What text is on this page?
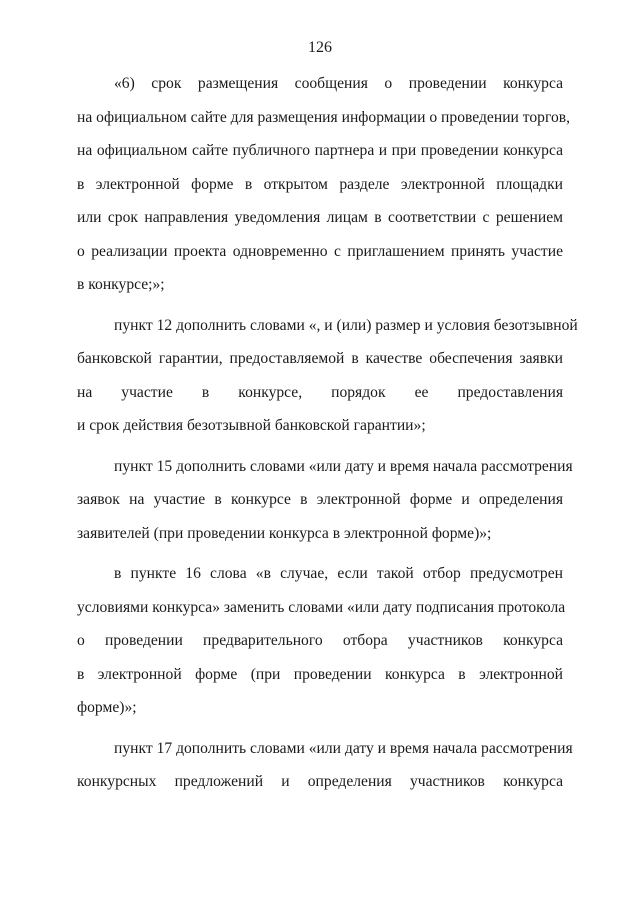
126
«6) срок размещения сообщения о проведении конкурса
на официальном сайте для размещения информации о проведении торгов,
на официальном сайте публичного партнера и при проведении конкурса
в электронной форме в открытом разделе электронной площадки
или срок направления уведомления лицам в соответствии с решением
о реализации проекта одновременно с приглашением принять участие
в конкурсе;»;
пункт 12 дополнить словами «, и (или) размер и условия безотзывной
банковской гарантии, предоставляемой в качестве обеспечения заявки
на участие в конкурсе, порядок ее предоставления
и срок действия безотзывной банковской гарантии»;
пункт 15 дополнить словами «или дату и время начала рассмотрения
заявок на участие в конкурсе в электронной форме и определения
заявителей (при проведении конкурса в электронной форме)»;
в пункте 16 слова «в случае, если такой отбор предусмотрен
условиями конкурса» заменить словами «или дату подписания протокола
о проведении предварительного отбора участников конкурса
в электронной форме (при проведении конкурса в электронной
форме)»;
пункт 17 дополнить словами «или дату и время начала рассмотрения
конкурсных предложений и определения участников конкурса
